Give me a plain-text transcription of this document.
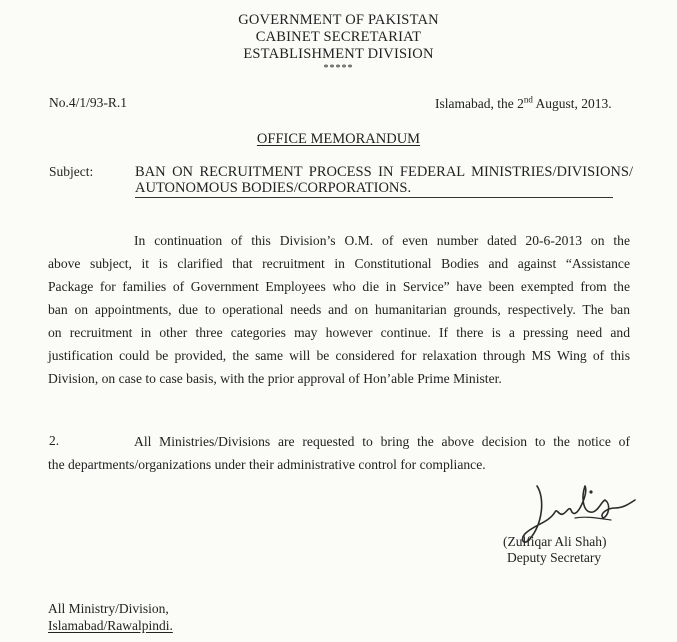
GOVERNMENT OF PAKISTAN
CABINET SECRETARIAT
ESTABLISHMENT DIVISION
*****
No.4/1/93-R.1	Islamabad, the 2nd August, 2013.
OFFICE MEMORANDUM
Subject:	BAN ON RECRUITMENT PROCESS IN FEDERAL MINISTRIES/DIVISIONS/
AUTONOMOUS BODIES/CORPORATIONS.
In continuation of this Division’s O.M. of even number dated 20-6-2013 on the
above subject, it is clarified that recruitment in Constitutional Bodies and against “Assistance
Package for families of Government Employees who die in Service” have been exempted from the
ban on appointments, due to operational needs and on humanitarian grounds, respectively. The ban
on recruitment in other three categories may however continue. If there is a pressing need and
justification could be provided, the same will be considered for relaxation through MS Wing of this
Division, on case to case basis, with the prior approval of Hon’able Prime Minister.
2.	All Ministries/Divisions are requested to bring the above decision to the notice of
the departments/organizations under their administrative control for compliance.
(Zulfiqar Ali Shah)
Deputy Secretary
All Ministry/Division,
Islamabad/Rawalpindi.
